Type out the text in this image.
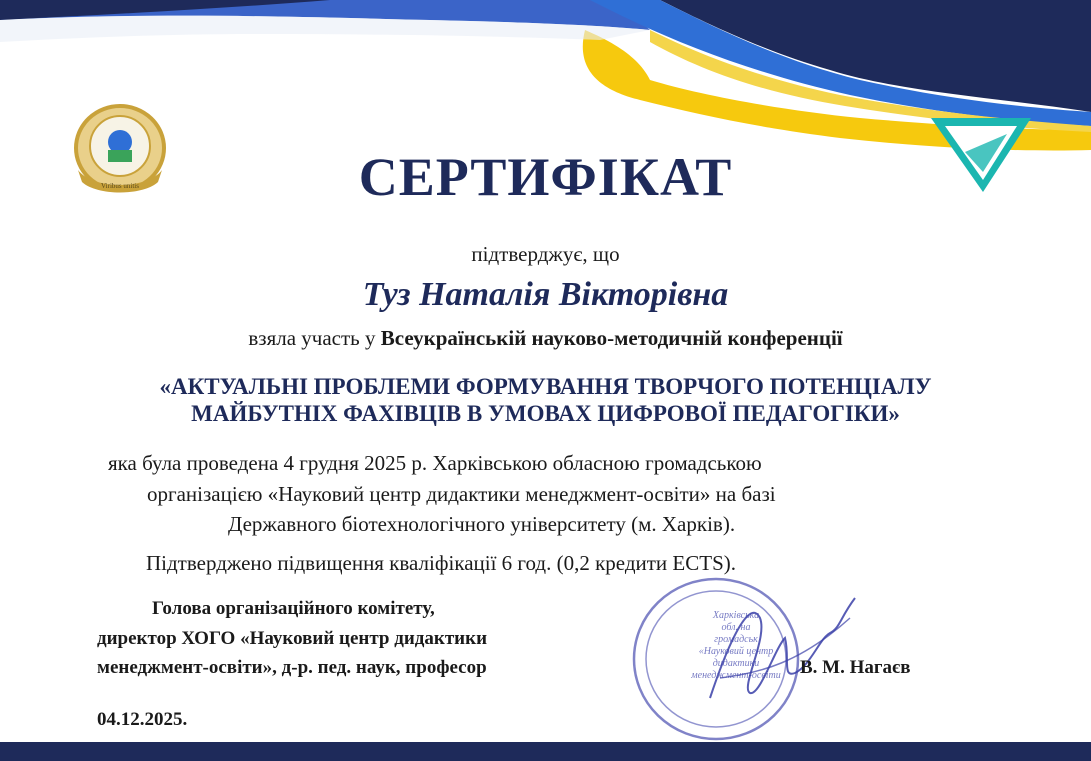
Viribus unitis	СЕРТИФІКАТ
підтверджує, що
Туз Наталія Вікторівна
взяла участь у Всеукраїнській науково-методичній конференції
«АКТУАЛЬНІ ПРОБЛЕМИ ФОРМУВАННЯ ТВОРЧОГО ПОТЕНЦІАЛУ
МАЙБУТНІХ ФАХІВЦІВ В УМОВАХ ЦИФРОВОЇ ПЕДАГОГІКИ»
яка була проведена 4 грудня 2025 р. Харківською обласною громадською
організацією «Науковий центр дидактики менеджмент-освіти» на базі
Державного біотехнологічного університету (м. Харків).
Підтверджено підвищення кваліфікації 6 год. (0,2 кредити ECTS).
Харківська
обл. на
громадськ
«Науковий центр
дидактики менеджмент-освіти
Голова організаційного комітету,
директор ХОГО «Науковий центр дидактики
менеджмент-освіти», д-р. пед. наук, професор	В. М. Нагаєв
04.12.2025.
